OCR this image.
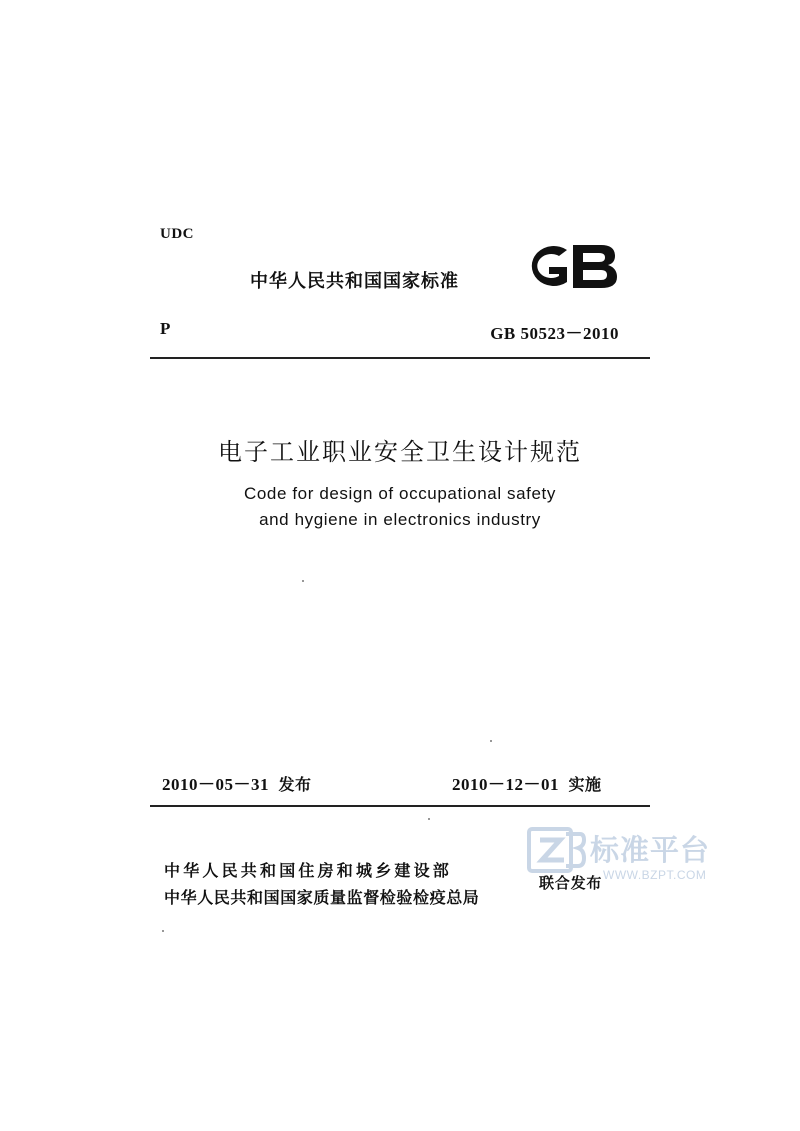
UDC
中华人民共和国国家标准
P	GB 50523－2010
电子工业职业安全卫生设计规范
Code for design of occupational safety
and hygiene in electronics industry
2010－05－31 发布	2010－12－01 实施
标准平台
WWW.BZPT.COM
中华人民共和国住房和城乡建设部
中华人民共和国国家质量监督检验检疫总局
联合发布
